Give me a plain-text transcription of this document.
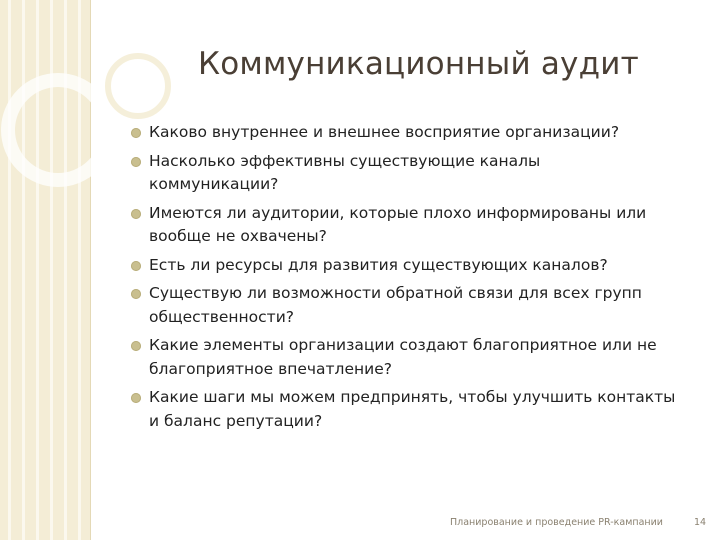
Коммуникационный аудит
Каково внутреннее и внешнее восприятие организации?
Насколько эффективны существующие каналы
коммуникации?
Имеются ли аудитории, которые плохо информированы или
вообще не охвачены?
Есть ли ресурсы для развития существующих каналов?
Существую ли возможности обратной связи для всех групп
общественности?
Какие элементы организации создают благоприятное или не
благоприятное впечатление?
Какие шаги мы можем предпринять, чтобы улучшить контакты
и баланс репутации?
Планирование и проведение PR-кампании	14
